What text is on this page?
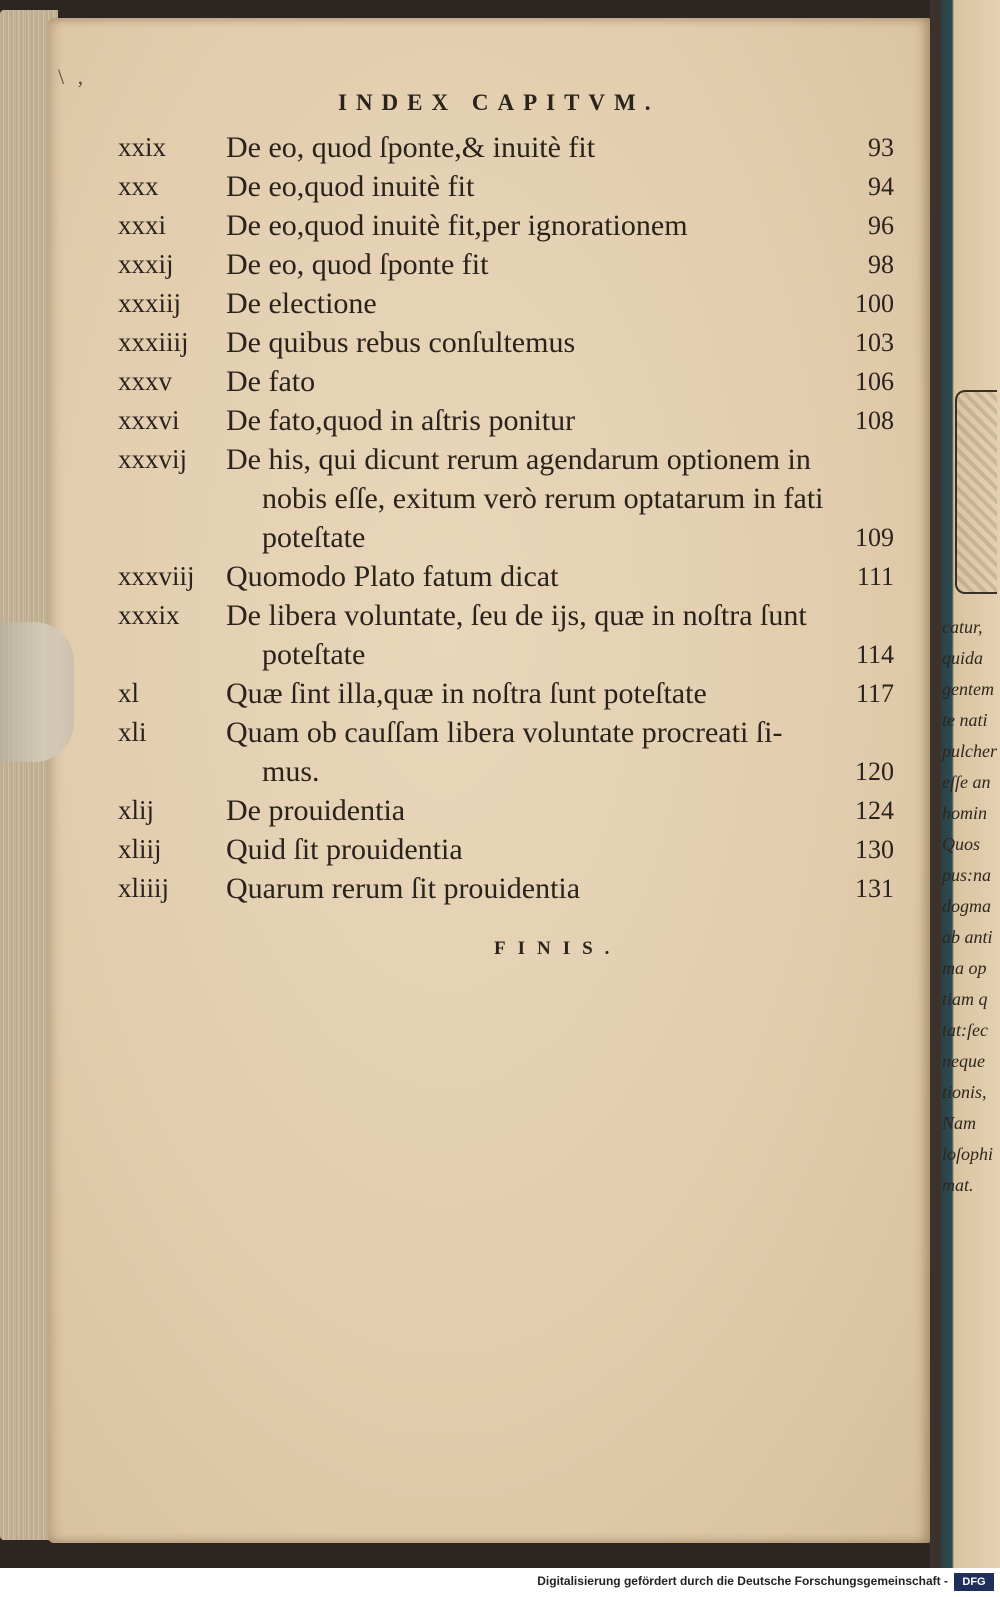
catur,
quida
gentem
te nati
pulcher
eſſe an
homin
Quos
pus:na
dogma
ab anti
ma op
tiam q
tat:ſec
neque
tionis,
Nam
loſophi
mat.
\ ,
INDEX CAPITVM.
xxix De eo, quod ſponte,& inuitè fit	93
xxx De eo,quod inuitè fit	94
xxxi De eo,quod inuitè fit,per ignorationem	96
xxxij De eo, quod ſponte fit	98
xxxiij De electione	100
xxxiiij De quibus rebus conſultemus	103
xxxv De fato	106
xxxvi De fato,quod in aſtris ponitur	108
xxxvij De his, qui dicunt rerum agendarum optionem in
nobis eſſe, exitum verò rerum optatarum in fati
poteſtate	109
xxxviij Quomodo Plato fatum dicat	111
xxxix De libera voluntate, ſeu de ijs, quæ in noſtra ſunt
poteſtate	114
xl	Quæ ſint illa,quæ in noſtra ſunt poteſtate	117
xli	Quam ob cauſſam libera voluntate procreati ſi-
mus.	120
xlij De prouidentia	124
xliij Quid ſit prouidentia	130
xliiij Quarum rerum ſit prouidentia	131
FINIS.
Digitalisierung gefördert durch die Deutsche Forschungsgemeinschaft -	DFG
